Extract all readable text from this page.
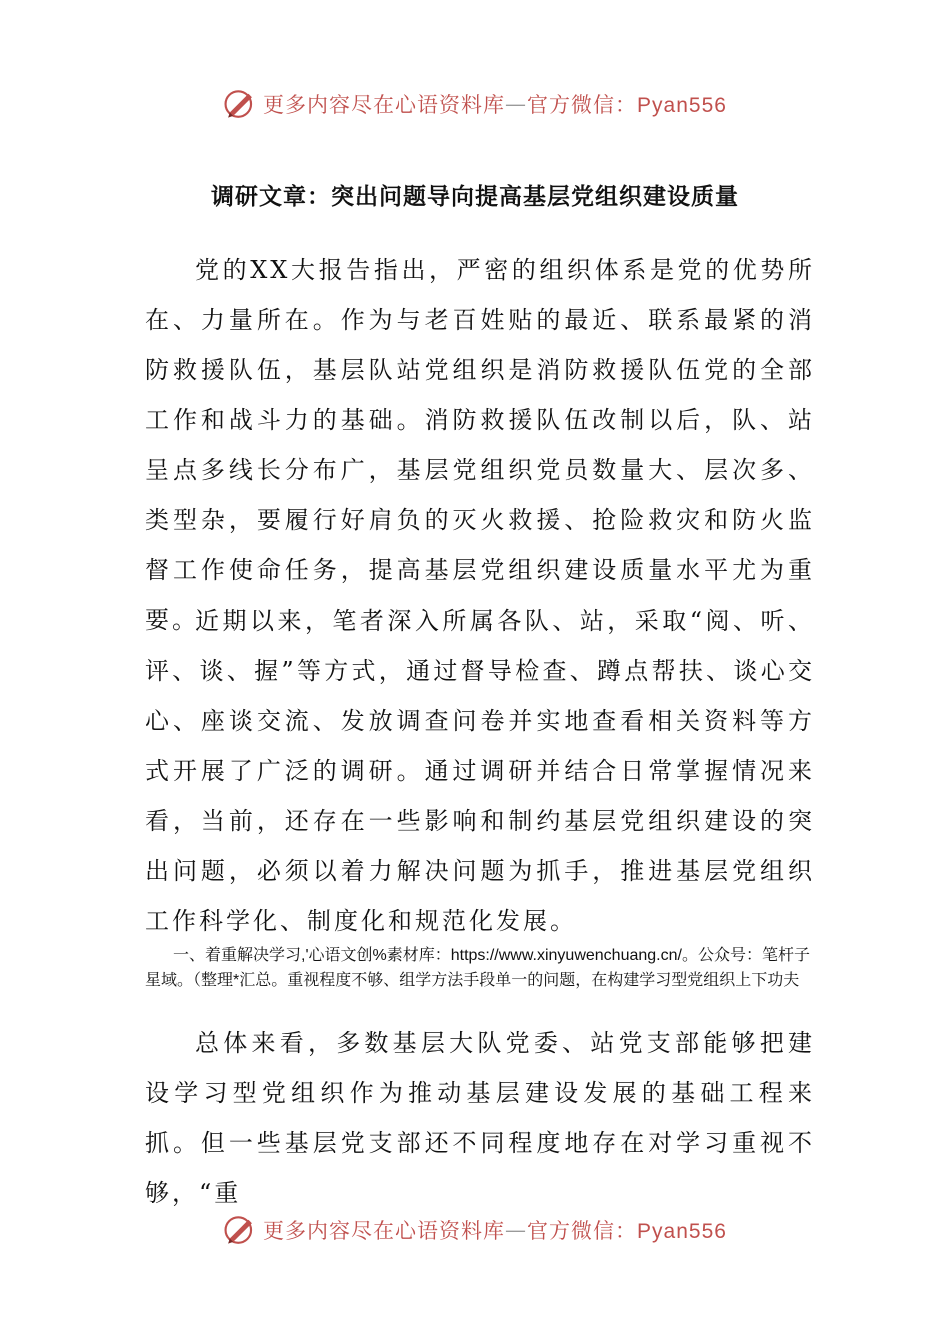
更多内容尽在心语资料库 — 官方微信：Pyan556
调研文章：突出问题导向提高基层党组织建设质量

党的XX大报告指出，严密的组织体系是党的优势所在、力量所在。作为与老百姓贴的最近、联系最紧的消防救援队伍，基层队站党组织是消防救援队伍党的全部工作和战斗力的基础。消防救援队伍改制以后，队、站呈点多线长分布广，基层党组织党员数量大、层次多、类型杂，要履行好肩负的灭火救援、抢险救灾和防火监督工作使命任务，提高基层党组织建设质量水平尤为重要。

近期以来，笔者深入所属各队、站，采取“阅、听、评、谈、握”等方式，通过督导检查、蹲点帮扶、谈心交心、座谈交流、发放调查问卷并实地查看相关资料等方式开展了广泛的调研。通过调研并结合日常掌握情况来看，当前，还存在一些影响和制约基层党组织建设的突出问题，必须以着力解决问题为抓手，推进基层党组织工作科学化、制度化和规范化发展。

一、着重解决学习,'心语文创%素材库：https://www.xinyuwenchuang.cn/。公众号：笔杆子星域。（整理*汇总。重视程度不够、组学方法手段单一的问题，在构建学习型党组织上下功夫

总体来看，多数基层大队党委、站党支部能够把建设学习型党组织作为推动基层建设发展的基础工程来抓。但一些基层党支部还不同程度地存在对学习重视不够，“重

更多内容尽在心语资料库 — 官方微信：Pyan556
